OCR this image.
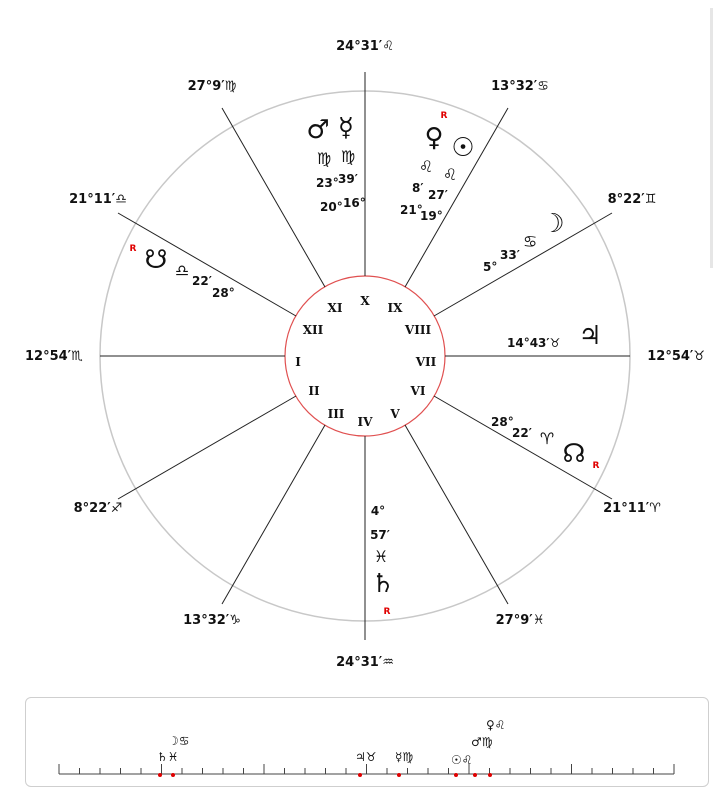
24°31′♌
24°31′♒
12°54′♏	12°54′♉
27°9′♍	13°32′♋
21°11′♎	8°22′♊
8°22′♐	21°11′♈
13°32′♑	27°9′♓
I
II
III
IV
V
VI
VII
VIII
IX
X
XI
XII
♂ ☿
♍ ♍
23° 39′
20° 16°
R
♀ ☉
♌ ♌
8′ 27′
21°
19°	☽
♋
33′
5°
14°43′♉ ♃
R ☋ ♎
22′
28°
28°
22′ ♈
☊ R
4°
57′
♓
♄
R
☽♋
♄♓	♃♉ ☿♍	☉♌
♂♍
♀♌
